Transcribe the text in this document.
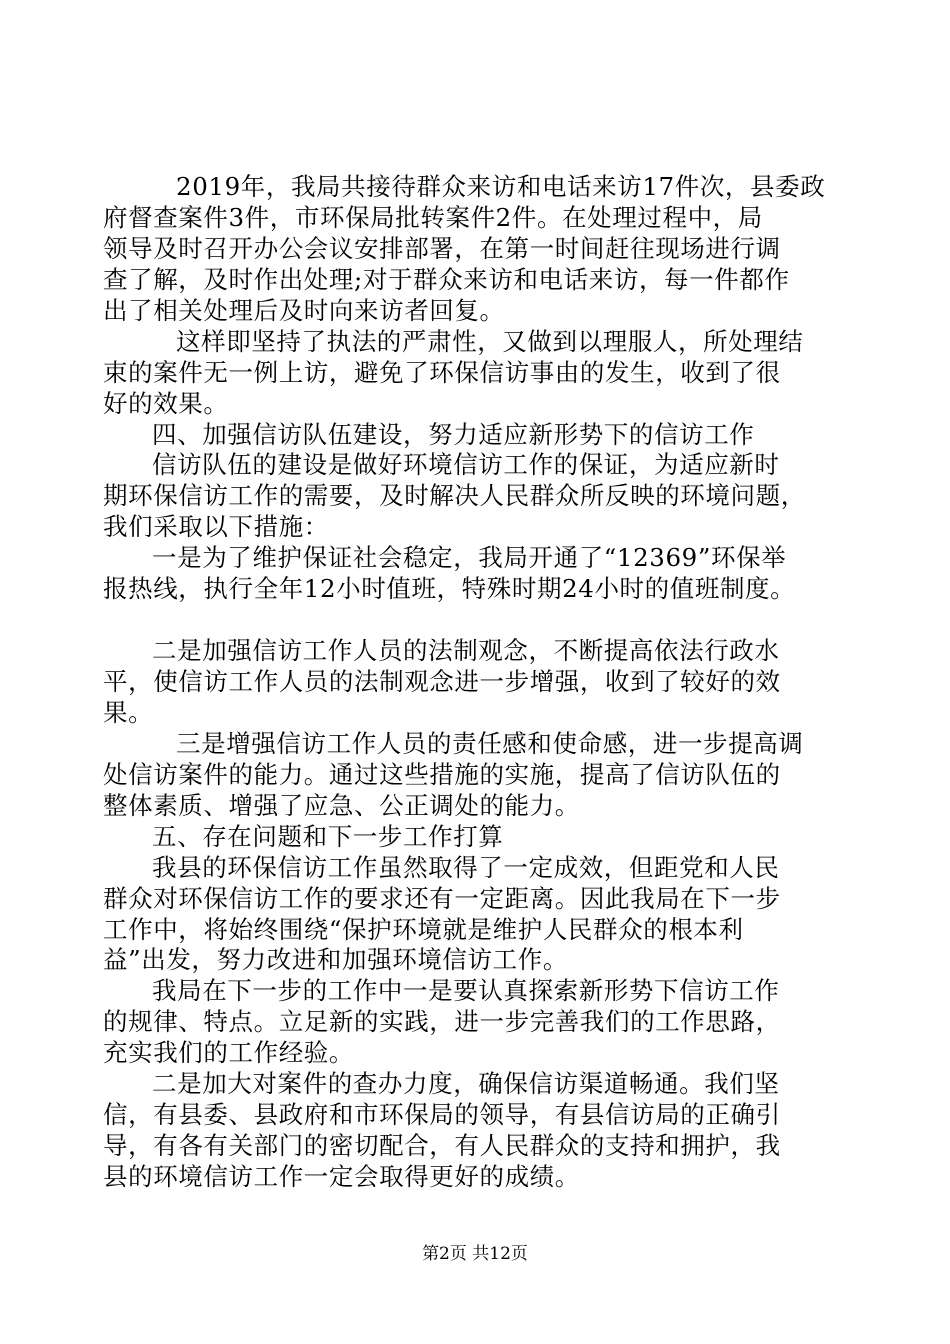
2019年，我局共接待群众来访和电话来访17件次，县委政
府督查案件3件，市环保局批转案件2件。在处理过程中，局
领导及时召开办公会议安排部署，在第一时间赶往现场进行调
查了解，及时作出处理;对于群众来访和电话来访，每一件都作
出了相关处理后及时向来访者回复。
这样即坚持了执法的严肃性，又做到以理服人，所处理结
束的案件无一例上访，避免了环保信访事由的发生，收到了很
好的效果。
四、加强信访队伍建设，努力适应新形势下的信访工作
信访队伍的建设是做好环境信访工作的保证，为适应新时
期环保信访工作的需要，及时解决人民群众所反映的环境问题，
我们采取以下措施：
一是为了维护保证社会稳定，我局开通了“12369”环保举
报热线，执行全年12小时值班，特殊时期24小时的值班制度。
二是加强信访工作人员的法制观念，不断提高依法行政水
平，使信访工作人员的法制观念进一步增强，收到了较好的效
果。
三是增强信访工作人员的责任感和使命感，进一步提高调
处信访案件的能力。通过这些措施的实施，提高了信访队伍的
整体素质、增强了应急、公正调处的能力。
五、存在问题和下一步工作打算
我县的环保信访工作虽然取得了一定成效，但距党和人民
群众对环保信访工作的要求还有一定距离。因此我局在下一步
工作中，将始终围绕“保护环境就是维护人民群众的根本利
益”出发，努力改进和加强环境信访工作。
我局在下一步的工作中一是要认真探索新形势下信访工作
的规律、特点。立足新的实践，进一步完善我们的工作思路，
充实我们的工作经验。
二是加大对案件的查办力度，确保信访渠道畅通。我们坚
信，有县委、县政府和市环保局的领导，有县信访局的正确引
导，有各有关部门的密切配合，有人民群众的支持和拥护，我
县的环境信访工作一定会取得更好的成绩。
第2页 共12页
